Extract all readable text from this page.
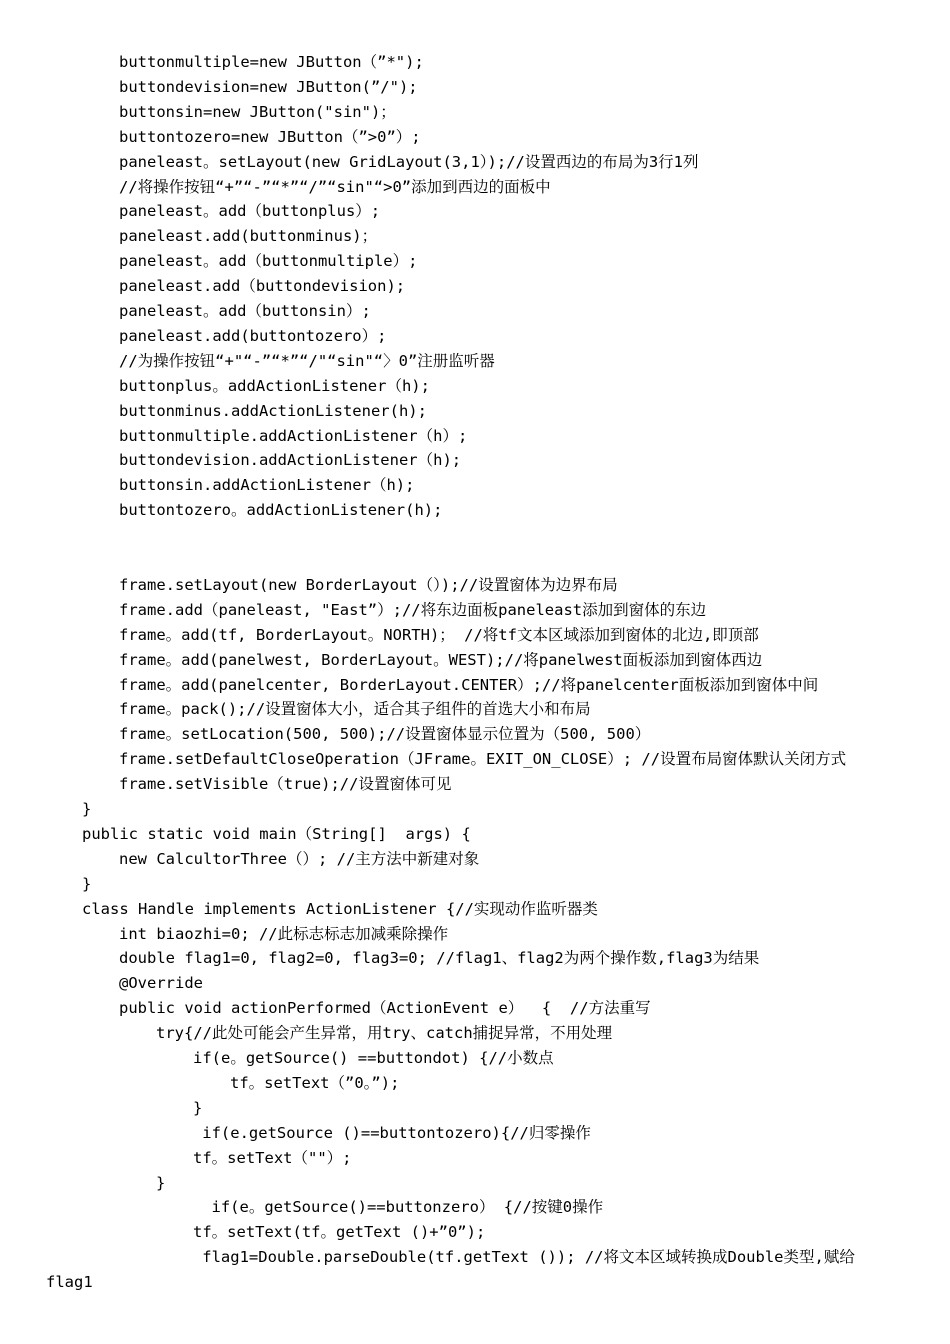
buttonmultiple=new JButton（”*");
buttondevision=new JButton(”/");
buttonsin=new JButton("sin")；
buttontozero=new JButton（”>0”）;
paneleast。setLayout(new GridLayout(3,1）);//设置西边的布局为3行1列
//将操作按钮“+”“-”“*”“/”“sin"“>0”添加到西边的面板中
paneleast。add（buttonplus）;
paneleast.add(buttonminus)；
paneleast。add（buttonmultiple）;
paneleast.add（buttondevision);
paneleast。add（buttonsin）;
paneleast.add(buttontozero）;
//为操作按钮“+"“-”“*”“/"“sin"“〉0”注册监听器
buttonplus。addActionListener（h);
buttonminus.addActionListener(h);
buttonmultiple.addActionListener（h）;
buttondevision.addActionListener（h);
buttonsin.addActionListener（h);
buttontozero。addActionListener(h);
frame.setLayout(new BorderLayout（）);//设置窗体为边界布局
frame.add（paneleast, "East”）;//将东边面板paneleast添加到窗体的东边
frame。add(tf, BorderLayout。NORTH)； //将tf文本区域添加到窗体的北边,即顶部
frame。add(panelwest, BorderLayout。WEST);//将panelwest面板添加到窗体西边
frame。add(panelcenter, BorderLayout.CENTER）;//将panelcenter面板添加到窗体中间
frame。pack();//设置窗体大小，适合其子组件的首选大小和布局
frame。setLocation(500, 500);//设置窗体显示位置为（500, 500）
frame.setDefaultCloseOperation（JFrame。EXIT_ON_CLOSE）; //设置布局窗体默认关闭方式
frame.setVisible（true);//设置窗体可见
}
public static void main（String[]  args) {
new CalcultorThree（）; //主方法中新建对象
}
class Handle implements ActionListener {//实现动作监听器类
int biaozhi=0; //此标志标志加减乘除操作
double flag1=0, flag2=0, flag3=0; //flag1、flag2为两个操作数,flag3为结果
@Override
public void actionPerformed（ActionEvent e）  {  //方法重写
try{//此处可能会产生异常，用try、catch捕捉异常，不用处理
if(e。getSource() ==buttondot) {//小数点
tf。setText（”0。”);
}
if(e.getSource ()==buttontozero){//归零操作
tf。setText（""）;
}
if(e。getSource()==buttonzero） {//按键0操作
tf。setText(tf。getText ()+”0”);
flag1=Double.parseDouble(tf.getText ()); //将文本区域转换成Double类型,赋给
flag1
